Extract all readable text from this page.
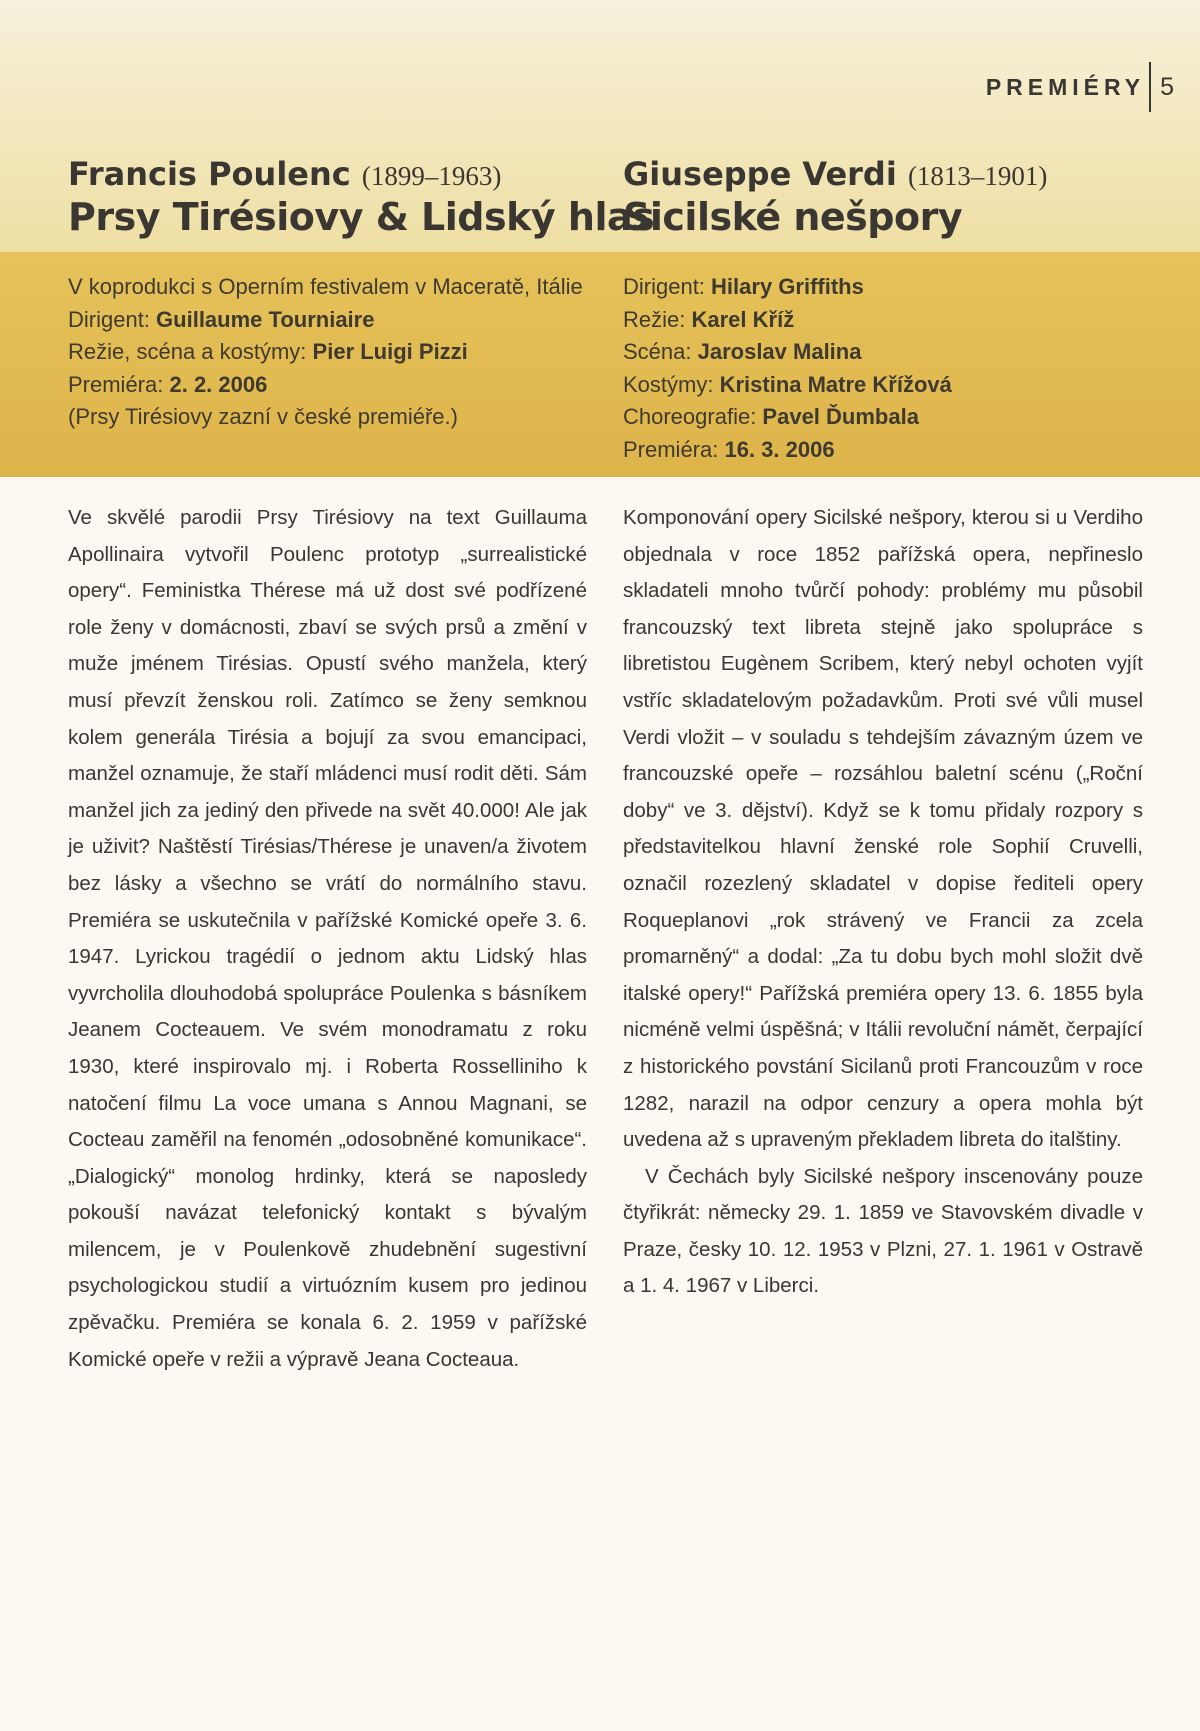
PREMIÉRY 5
Francis Poulenc (1899–1963)
Prsy Tirésiovy & Lidský hlas
V koprodukci s Operním festivalem v Maceratě, Itálie
Dirigent: Guillaume Tourniaire
Režie, scéna a kostýmy: Pier Luigi Pizzi
Premiéra: 2. 2. 2006
(Prsy Tirésiovy zazní v české premiéře.)

Ve skvělé parodii Prsy Tirésiovy na text Guillauma Apollinaira vytvořil Poulenc prototyp „surrealistické opery“. Feministka Thérese má už dost své podřízené role ženy v domácnosti, zbaví se svých prsů a změní v muže jménem Tirésias. Opustí svého manžela, který musí převzít ženskou roli. Zatímco se ženy semknou kolem generála Tirésia a bojují za svou emancipaci, manžel oznamuje, že staří mládenci musí rodit děti. Sám manžel jich za jediný den přivede na svět 40.000! Ale jak je uživit? Naštěstí Tirésias/Thérese je unaven/a životem bez lásky a všechno se vrátí do normálního stavu. Premiéra se uskutečnila v pařížské Komické opeře 3. 6. 1947. Lyrickou tragédií o jednom aktu Lidský hlas vyvrcholila dlouhodobá spolupráce Poulenka s básníkem Jeanem Cocteauem. Ve svém monodramatu z roku 1930, které inspirovalo mj. i Roberta Rosselliniho k natočení filmu La voce umana s Annou Magnani, se Cocteau zaměřil na fenomén „odosobněné komunikace“. „Dialogický“ monolog hrdinky, která se naposledy pokouší navázat telefonický kontakt s bývalým milencem, je v Poulenkově zhudebnění sugestivní psychologickou studií a virtuózním kusem pro jedinou zpěvačku. Premiéra se konala 6. 2. 1959 v pařížské Komické opeře v režii a výpravě Jeana Cocteaua.

Giuseppe Verdi (1813–1901)
Sicilské nešpory
Dirigent: Hilary Griffiths
Režie: Karel Kříž
Scéna: Jaroslav Malina
Kostýmy: Kristina Matre Křížová
Choreografie: Pavel Ďumbala
Premiéra: 16. 3. 2006

Komponování opery Sicilské nešpory, kterou si u Verdiho objednala v roce 1852 pařížská opera, nepřineslo skladateli mnoho tvůrčí pohody: problémy mu působil francouzský text libreta stejně jako spolupráce s libretistou Eugènem Scribem, který nebyl ochoten vyjít vstříc skladatelovým požadavkům. Proti své vůli musel Verdi vložit – v souladu s tehdejším závazným územ ve francouzské opeře – rozsáhlou baletní scénu („Roční doby“ ve 3. dějství). Když se k tomu přidaly rozpory s představitelkou hlavní ženské role Sophií Cruvelli, označil rozezlený skladatel v dopise řediteli opery Roqueplanovi „rok strávený ve Francii za zcela promarněný“ a dodal: „Za tu dobu bych mohl složit dvě italské opery!“ Pařížská premiéra opery 13. 6. 1855 byla nicméně velmi úspěšná; v Itálii revoluční námět, čerpající z historického povstání Sicilanů proti Francouzům v roce 1282, narazil na odpor cenzury a opera mohla být uvedena až s upraveným překladem libreta do italštiny.

V Čechách byly Sicilské nešpory inscenovány pouze čtyřikrát: německy 29. 1. 1859 ve Stavovském divadle v Praze, česky 10. 12. 1953 v Plzni, 27. 1. 1961 v Ostravě a 1. 4. 1967 v Liberci.
